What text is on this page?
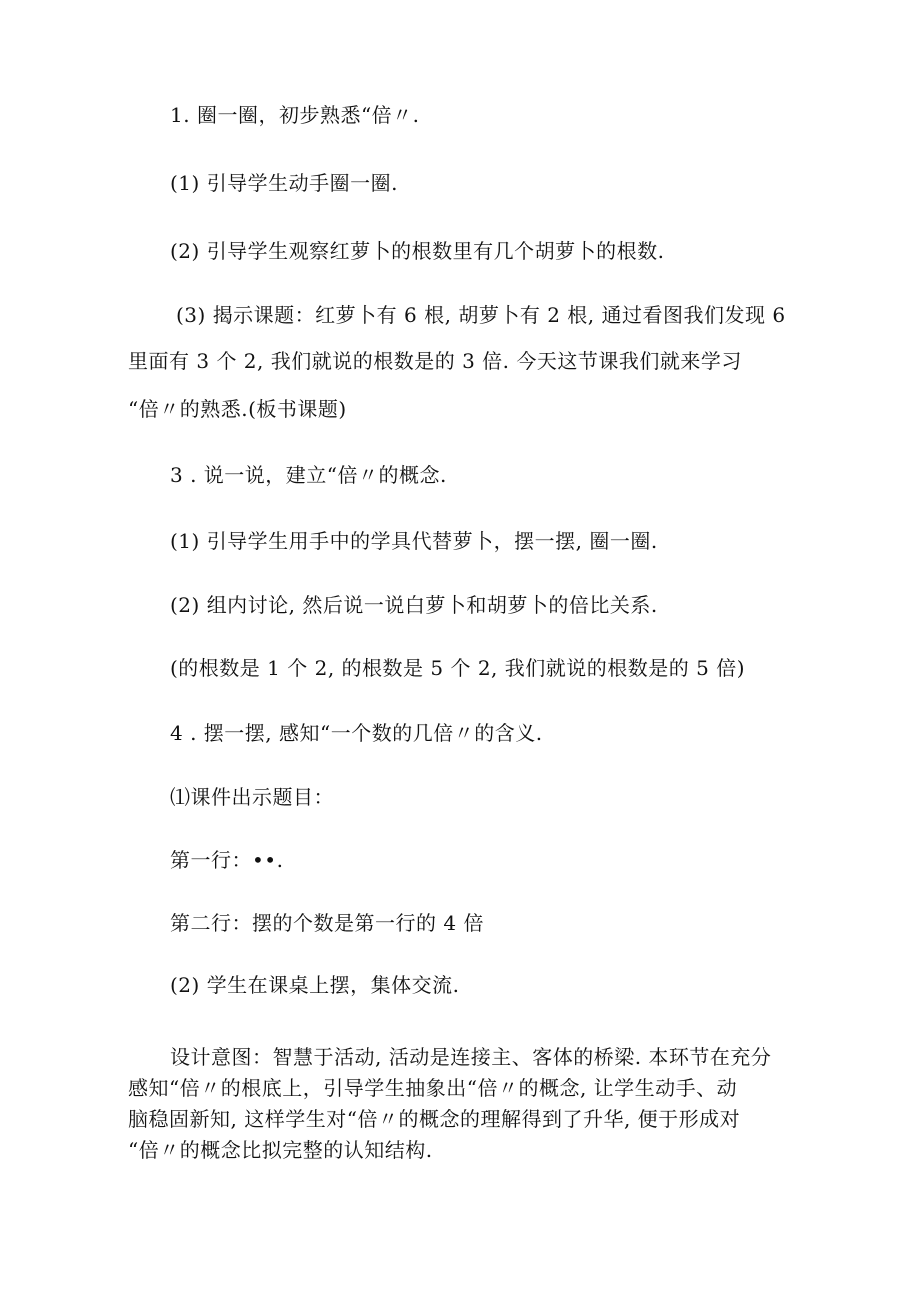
1. 圈一圈，初步熟悉“倍〃.
(1) 引导学生动手圈一圈.
(2) 引导学生观察红萝卜的根数里有几个胡萝卜的根数.
(3) 揭示课题：红萝卜有 6 根, 胡萝卜有 2 根, 通过看图我们发现 6
里面有 3 个 2, 我们就说的根数是的 3 倍. 今天这节课我们就来学习
“倍〃的熟悉.(板书课题)
3 . 说一说，建立“倍〃的概念.
(1) 引导学生用手中的学具代替萝卜，摆一摆, 圈一圈.
(2) 组内讨论, 然后说一说白萝卜和胡萝卜的倍比关系.
(的根数是 1 个 2, 的根数是 5 个 2, 我们就说的根数是的 5 倍)
4 . 摆一摆, 感知“一个数的几倍〃的含义.
⑴课件出示题目：
第一行：••.
第二行：摆的个数是第一行的 4 倍
(2) 学生在课桌上摆，集体交流.
设计意图：智慧于活动, 活动是连接主、客体的桥梁. 本环节在充分
感知“倍〃的根底上，引导学生抽象出“倍〃的概念, 让学生动手、动
脑稳固新知, 这样学生对“倍〃的概念的理解得到了升华, 便于形成对
“倍〃的概念比拟完整的认知结构.
